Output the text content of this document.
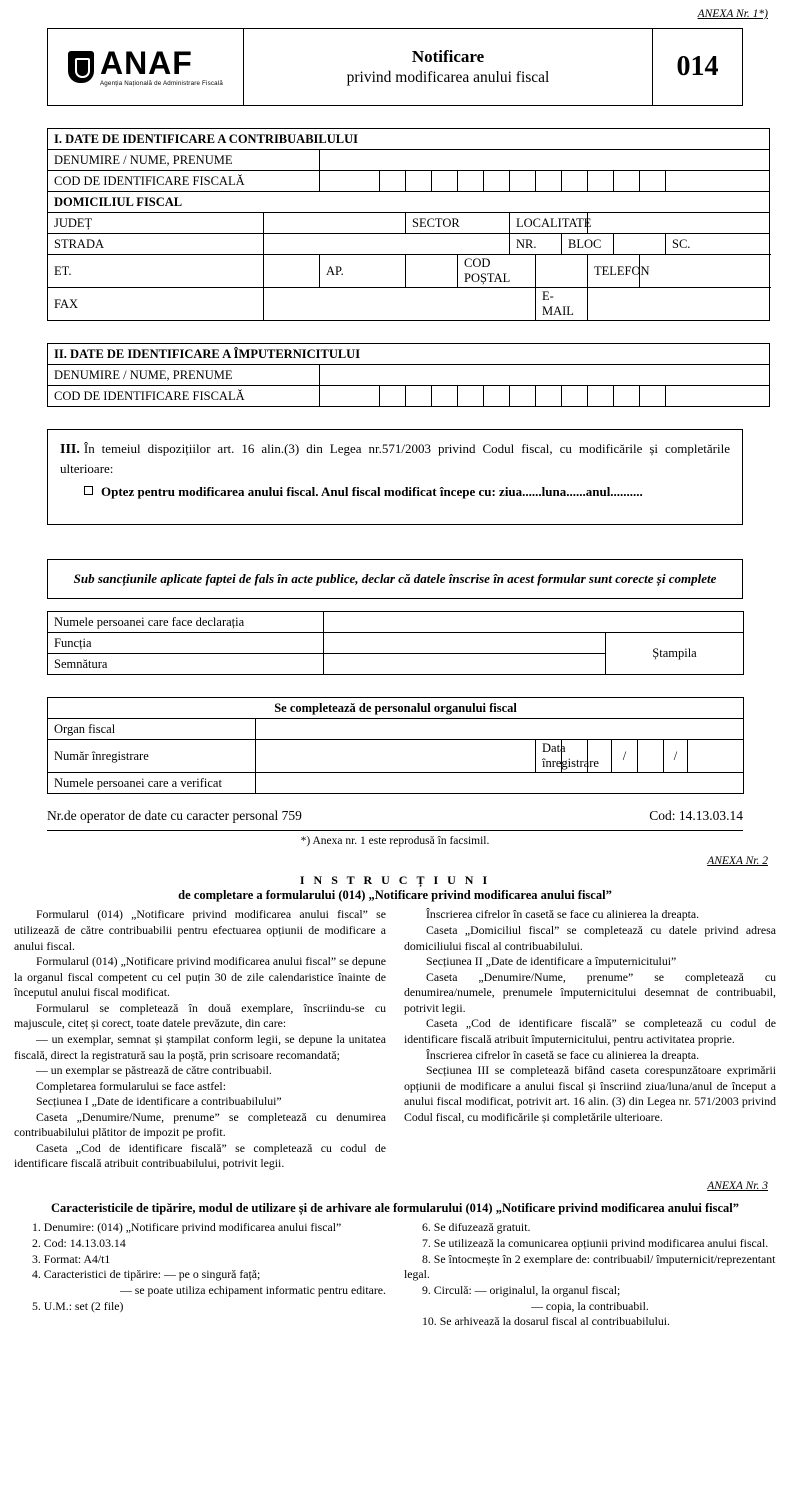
ANEXA Nr. 1*)
ANAF
Agenția Națională de Administrare Fiscală
Notificare
privind modificarea anului fiscal	014
I. DATE DE IDENTIFICARE A CONTRIBUABILULUI														
DENUMIRE / NUME, PRENUME														
COD DE IDENTIFICARE FISCALĂ														
DOMICILIUL FISCAL														
JUDEȚ				SECTOR				LOCALITATE						
STRADA								NR.		BLOC				SC.
ET.		AP.				COD POȘTAL					TELEFON			
FAX									E-MAIL					
II. DATE DE IDENTIFICARE A ÎMPUTERNICITULUI													
DENUMIRE / NUME, PRENUME													
COD DE IDENTIFICARE FISCALĂ													

III. În temeiul dispozițiilor art. 16 alin.(3) din Legea nr.571/2003 privind Codul fiscal, cu modificările și completările ulterioare:

Optez pentru modificarea anului fiscal. Anul fiscal modificat începe cu: ziua......luna......anul..........

Sub sancțiunile aplicate faptei de fals în acte publice, declar că datele înscrise în acest formular sunt corecte și complete

Numele persoanei care face declarația		
Funcția		Ștampila
Semnătura		
Se completează de personalul organului fiscal								
Organ fiscal								
Număr înregistrare		Data înregistrare			/		/	
Numele persoanei care a verificat								
Nr.de operator de date cu caracter personal 759	Cod: 14.13.03.14
*) Anexa nr. 1 este reprodusă în facsimil.
ANEXA Nr. 2
I N S T R U C Ț I U N I
de completare a formularului (014) „Notificare privind modificarea anului fiscal”

Formularul (014) „Notificare privind modificarea anului fiscal” se utilizează de către contribuabilii pentru efectuarea opțiunii de modificare a anului fiscal.

Formularul (014) „Notificare privind modificarea anului fiscal” se depune la organul fiscal competent cu cel puțin 30 de zile calendaristice înainte de începutul anului fiscal modificat.

Formularul se completează în două exemplare, înscriindu-se cu majuscule, citeț și corect, toate datele prevăzute, din care:

— un exemplar, semnat și ștampilat conform legii, se depune la unitatea fiscală, direct la registratură sau la poștă, prin scrisoare recomandată;

— un exemplar se păstrează de către contribuabil.

Completarea formularului se face astfel:

Secțiunea I „Date de identificare a contribuabilului”

Caseta „Denumire/Nume, prenume” se completează cu denumirea contribuabilului plătitor de impozit pe profit.

Caseta „Cod de identificare fiscală” se completează cu codul de identificare fiscală atribuit contribuabilului, potrivit legii.

Înscrierea cifrelor în casetă se face cu alinierea la dreapta.

Caseta „Domiciliul fiscal” se completează cu datele privind adresa domiciliului fiscal al contribuabilului.

Secțiunea II „Date de identificare a împuternicitului”

Caseta „Denumire/Nume, prenume” se completează cu denumirea/numele, prenumele împuternicitului desemnat de contribuabil, potrivit legii.

Caseta „Cod de identificare fiscală” se completează cu codul de identificare fiscală atribuit împuternicitului, pentru activitatea proprie.

Înscrierea cifrelor în casetă se face cu alinierea la dreapta.

Secțiunea III se completează bifând caseta corespunzătoare exprimării opțiunii de modificare a anului fiscal și înscriind ziua/luna/anul de început a anului fiscal modificat, potrivit art. 16 alin. (3) din Legea nr. 571/2003 privind Codul fiscal, cu modificările și completările ulterioare.

ANEXA Nr. 3
Caracteristicile de tipărire, modul de utilizare și de arhivare ale formularului (014) „Notificare privind modificarea anului fiscal”

1. Denumire: (014) „Notificare privind modificarea anului fiscal”

2. Cod: 14.13.03.14

3. Format: A4/t1

4. Caracteristici de tipărire: — pe o singură față;

— se poate utiliza echipament informatic pentru editare.

5. U.M.: set (2 file)

6. Se difuzează gratuit.

7. Se utilizează la comunicarea opțiunii privind modificarea anului fiscal.

8. Se întocmește în 2 exemplare de: contribuabil/ împuternicit/reprezentant legal.

9. Circulă: — originalul, la organul fiscal;

— copia, la contribuabil.

10. Se arhivează la dosarul fiscal al contribuabilului.
